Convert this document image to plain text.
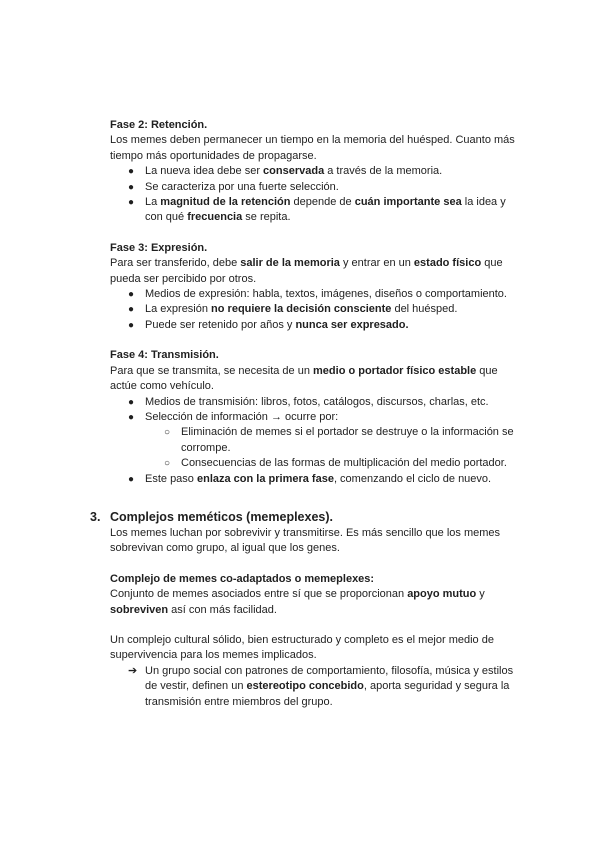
Fase 2: Retención.

Los memes deben permanecer un tiempo en la memoria del huésped. Cuanto más tiempo más oportunidades de propagarse.

● La nueva idea debe ser conservada a través de la memoria.
● Se caracteriza por una fuerte selección.
● La magnitud de la retención depende de cuán importante sea la idea y con qué frecuencia se repita.

Fase 3: Expresión.

Para ser transferido, debe salir de la memoria y entrar en un estado físico que pueda ser percibido por otros.

● Medios de expresión: habla, textos, imágenes, diseños o comportamiento.
● La expresión no requiere la decisión consciente del huésped.
● Puede ser retenido por años y nunca ser expresado.

Fase 4: Transmisión.

Para que se transmita, se necesita de un medio o portador físico estable que actúe como vehículo.

● Medios de transmisión: libros, fotos, catálogos, discursos, charlas, etc.
● Selección de información → ocurre por:
○ Eliminación de memes si el portador se destruye o la información se corrompe.
○ Consecuencias de las formas de multiplicación del medio portador.
● Este paso enlaza con la primera fase, comenzando el ciclo de nuevo.
3. Complejos meméticos (memeplexes).

Los memes luchan por sobrevivir y transmitirse. Es más sencillo que los memes sobrevivan como grupo, al igual que los genes.

Complejo de memes co-adaptados o memeplexes:

Conjunto de memes asociados entre sí que se proporcionan apoyo mutuo y sobreviven así con más facilidad.

Un complejo cultural sólido, bien estructurado y completo es el mejor medio de supervivencia para los memes implicados.

➔ Un grupo social con patrones de comportamiento, filosofía, música y estilos de vestir, definen un estereotipo concebido, aporta seguridad y segura la transmisión entre miembros del grupo.
